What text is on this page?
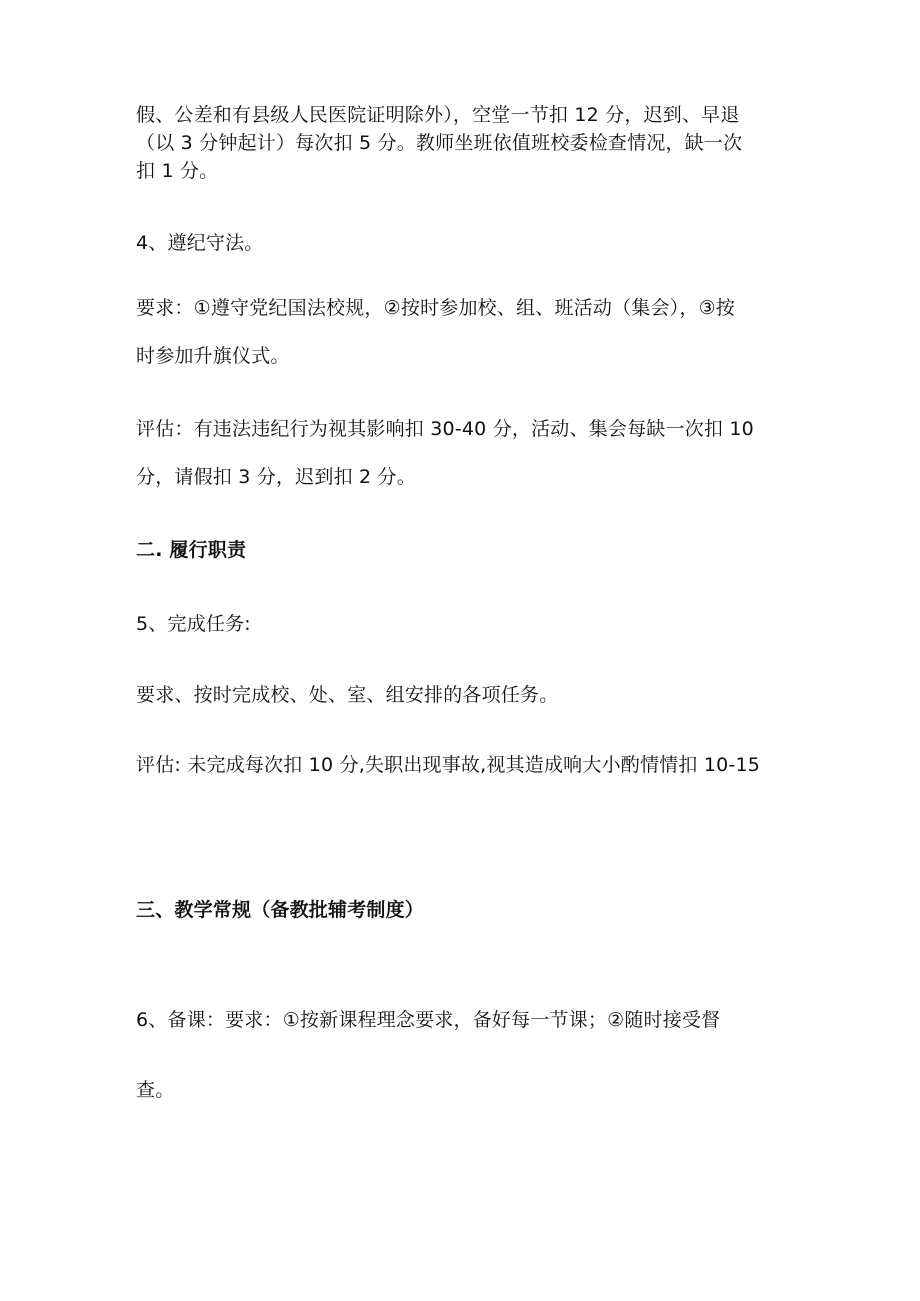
假、公差和有县级人民医院证明除外），空堂一节扣 12 分，迟到、早退
（以 3 分钟起计）每次扣 5 分。教师坐班依值班校委检查情况，缺一次
扣 1 分。
4、遵纪守法。
要求：①遵守党纪国法校规，②按时参加校、组、班活动（集会），③按
时参加升旗仪式。
评估：有违法违纪行为视其影响扣 30-40 分，活动、集会每缺一次扣 10
分，请假扣 3 分，迟到扣 2 分。
二. 履行职责
5、完成任务:
要求、按时完成校、处、室、组安排的各项任务。
评估: 未完成每次扣 10 分,失职出现事故,视其造成响大小酌情情扣 10-15
三、教学常规（备教批辅考制度）
6、备课：要求：①按新课程理念要求，备好每一节课；②随时接受督
查。
